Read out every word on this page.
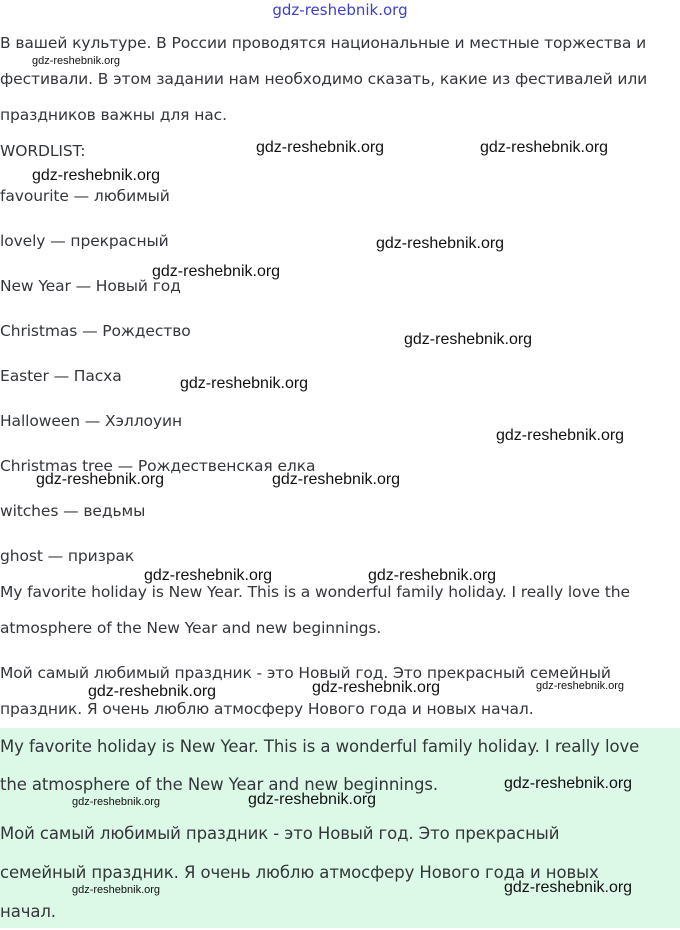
gdz-reshebnik.org
В вашей культуре. В России проводятся национальные и местные торжества и
фестивали. В этом задании нам необходимо сказать, какие из фестивалей или
праздников важны для нас.
WORDLIST:
favourite — любимый
lovely — прекрасный
New Year — Новый год
Christmas — Рождество
Easter — Пасха
Halloween — Хэллоуин
Christmas tree — Рождественская елка
witches — ведьмы
ghost — призрак
My favorite holiday is New Year. This is a wonderful family holiday. I really love the
atmosphere of the New Year and new beginnings.
Мой самый любимый праздник - это Новый год. Это прекрасный семейный
праздник. Я очень люблю атмосферу Нового года и новых начал.
My favorite holiday is New Year. This is a wonderful family holiday. I really love
the atmosphere of the New Year and new beginnings.
Мой самый любимый праздник - это Новый год. Это прекрасный
семейный праздник. Я очень люблю атмосферу Нового года и новых
начал.
gdz-reshebnik.org
gdz-reshebnik.org	gdz-reshebnik.org
gdz-reshebnik.org
gdz-reshebnik.org
gdz-reshebnik.org
gdz-reshebnik.org
gdz-reshebnik.org
gdz-reshebnik.org
gdz-reshebnik.org	gdz-reshebnik.org
gdz-reshebnik.org	gdz-reshebnik.org
gdz-reshebnik.org	gdz-reshebnik.org	gdz-reshebnik.org
gdz-reshebnik.org
gdz-reshebnik.org	gdz-reshebnik.org
gdz-reshebnik.org	gdz-reshebnik.org
